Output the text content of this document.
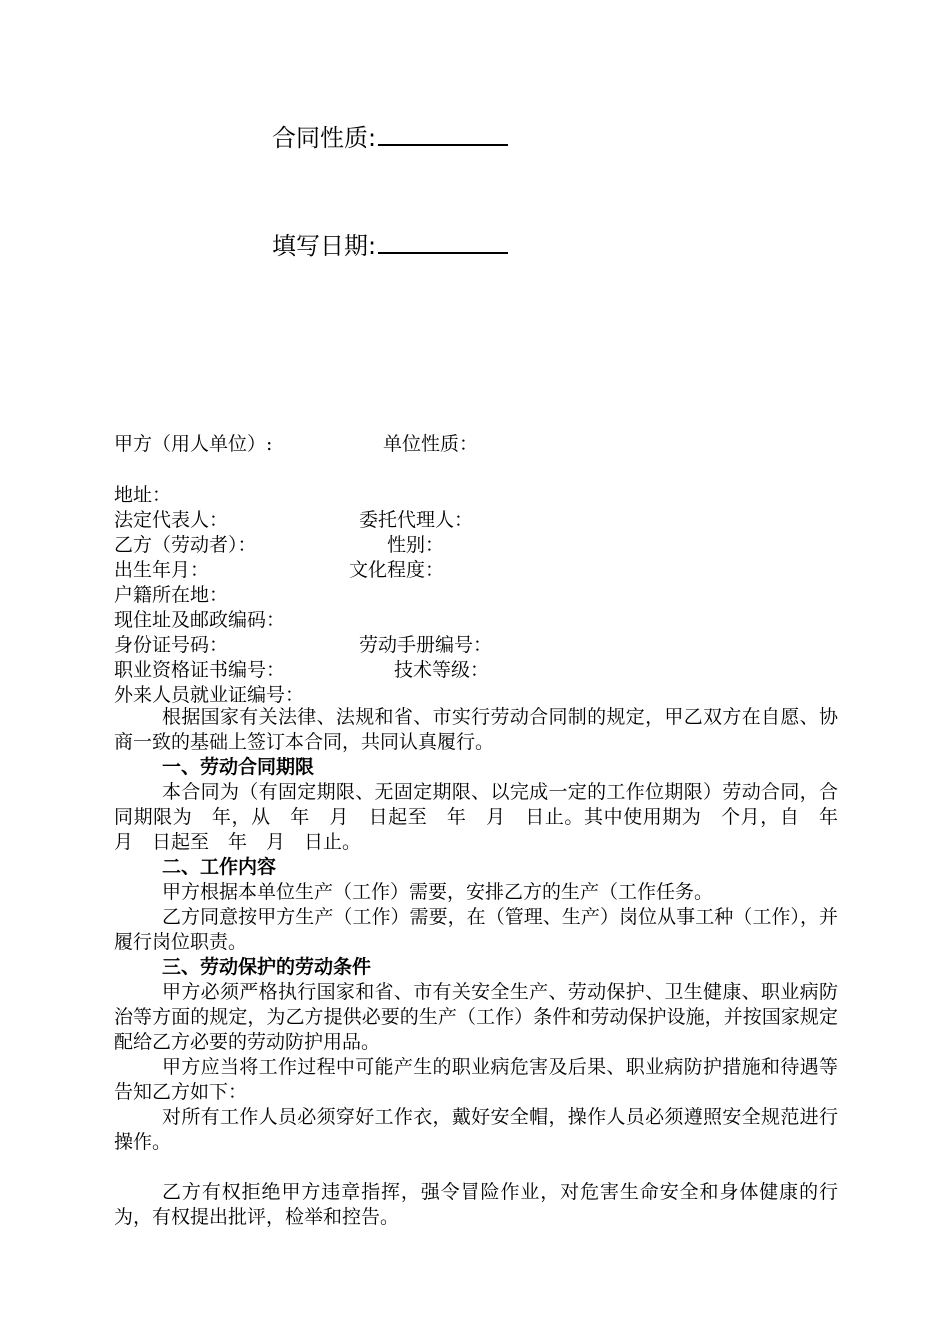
合同性质:
填写日期:
甲方（用人单位）:	单位性质：
地址：
法定代表人：	委托代理人：
乙方（劳动者）：	性别：
出生年月：	文化程度：
户籍所在地：
现住址及邮政编码：
身份证号码：	劳动手册编号：
职业资格证书编号：	技术等级：
外来人员就业证编号：

根据国家有关法律、法规和省、市实行劳动合同制的规定，甲乙双方在自愿、协商一致的基础上签订本合同，共同认真履行。

一、劳动合同期限

本合同为（有固定期限、无固定期限、以完成一定的工作位期限）劳动合同，合同期限为　年，从　年　月　日起至　年　月　日止。其中使用期为　个月，自　年　月　日起至　年　月　日止。

二、工作内容

甲方根据本单位生产（工作）需要，安排乙方的生产（工作任务。

乙方同意按甲方生产（工作）需要，在（管理、生产）岗位从事工种（工作），并履行岗位职责。

三、劳动保护的劳动条件

甲方必须严格执行国家和省、市有关安全生产、劳动保护、卫生健康、职业病防治等方面的规定，为乙方提供必要的生产（工作）条件和劳动保护设施，并按国家规定配给乙方必要的劳动防护用品。

甲方应当将工作过程中可能产生的职业病危害及后果、职业病防护措施和待遇等告知乙方如下：

对所有工作人员必须穿好工作衣，戴好安全帽，操作人员必须遵照安全规范进行操作。

乙方有权拒绝甲方违章指挥，强令冒险作业，对危害生命安全和身体健康的行为，有权提出批评，检举和控告。
